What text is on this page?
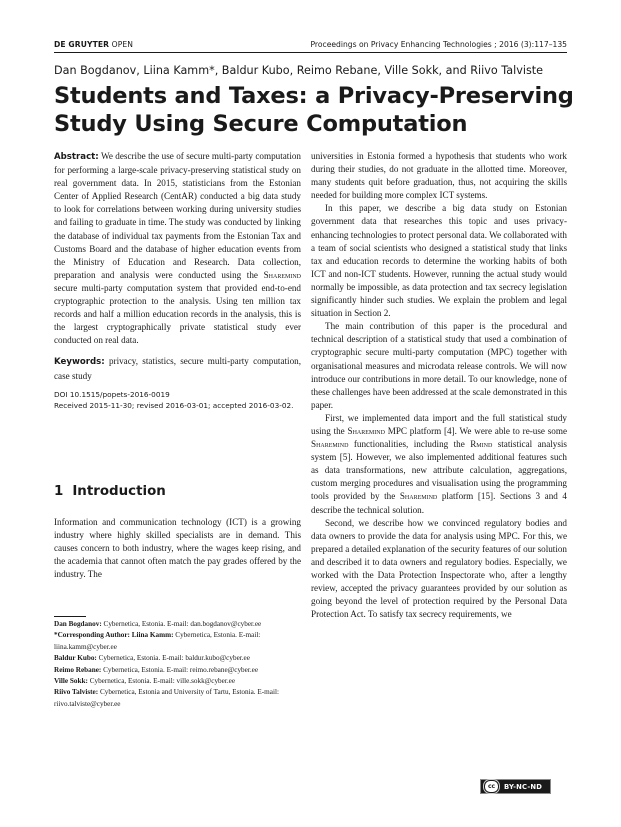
DE GRUYTER OPEN	Proceedings on Privacy Enhancing Technologies ; 2016 (3):117–135
Dan Bogdanov, Liina Kamm*, Baldur Kubo, Reimo Rebane, Ville Sokk, and Riivo Talviste
Students and Taxes: a Privacy-Preserving
Study Using Secure Computation

Abstract: We describe the use of secure multi-party computation for performing a large-scale privacy-preserving statistical study on real government data. In 2015, statisticians from the Estonian Center of Applied Research (CentAR) conducted a big data study to look for correlations between working during university studies and failing to graduate in time. The study was conducted by linking the database of individual tax payments from the Estonian Tax and Customs Board and the database of higher education events from the Ministry of Education and Research. Data collection, preparation and analysis were conducted using the Sharemind secure multi-party computation system that provided end-to-end cryptographic protection to the analysis. Using ten million tax records and half a million education records in the analysis, this is the largest cryptographically private statistical study ever conducted on real data.

Keywords: privacy, statistics, secure multi-party computation, case study

DOI 10.1515/popets-2016-0019
Received 2015-11-30; revised 2016-03-01; accepted 2016-03-02.

1 Introduction
Information and communication technology (ICT) is a growing industry where highly skilled specialists are in demand. This causes concern to both industry, where the wages keep rising, and the academia that cannot often match the pay grades offered by the industry. The

Dan Bogdanov: Cybernetica, Estonia. E-mail: dan.bogdanov@cyber.ee

*Corresponding Author: Liina Kamm: Cybernetica, Estonia. E-mail: liina.kamm@cyber.ee

Baldur Kubo: Cybernetica, Estonia. E-mail: baldur.kubo@cyber.ee

Reimo Rebane: Cybernetica, Estonia. E-mail: reimo.rebane@cyber.ee

Ville Sokk: Cybernetica, Estonia. E-mail: ville.sokk@cyber.ee

Riivo Talviste: Cybernetica, Estonia and University of Tartu, Estonia. E-mail: riivo.talviste@cyber.ee

universities in Estonia formed a hypothesis that students who work during their studies, do not graduate in the allotted time. Moreover, many students quit before graduation, thus, not acquiring the skills needed for building more complex ICT systems.

In this paper, we describe a big data study on Estonian government data that researches this topic and uses privacy-enhancing technologies to protect personal data. We collaborated with a team of social scientists who designed a statistical study that links tax and education records to determine the working habits of both ICT and non-ICT students. However, running the actual study would normally be impossible, as data protection and tax secrecy legislation significantly hinder such studies. We explain the problem and legal situation in Section 2.

The main contribution of this paper is the procedural and technical description of a statistical study that used a combination of cryptographic secure multi-party computation (MPC) together with organisational measures and microdata release controls. We will now introduce our contributions in more detail. To our knowledge, none of these challenges have been addressed at the scale demonstrated in this paper.

First, we implemented data import and the full statistical study using the Sharemind MPC platform [4]. We were able to re-use some Sharemind functionalities, including the Rmind statistical analysis system [5]. However, we also implemented additional features such as data transformations, new attribute calculation, aggregations, custom merging procedures and visualisation using the programming tools provided by the Sharemind platform [15]. Sections 3 and 4 describe the technical solution.

Second, we describe how we convinced regulatory bodies and data owners to provide the data for analysis using MPC. For this, we prepared a detailed explanation of the security features of our solution and described it to data owners and regulatory bodies. Especially, we worked with the Data Protection Inspectorate who, after a lengthy review, accepted the privacy guarantees provided by our solution as going beyond the level of protection required by the Personal Data Protection Act. To satisfy tax secrecy requirements, we

cc	BY-NC-ND
